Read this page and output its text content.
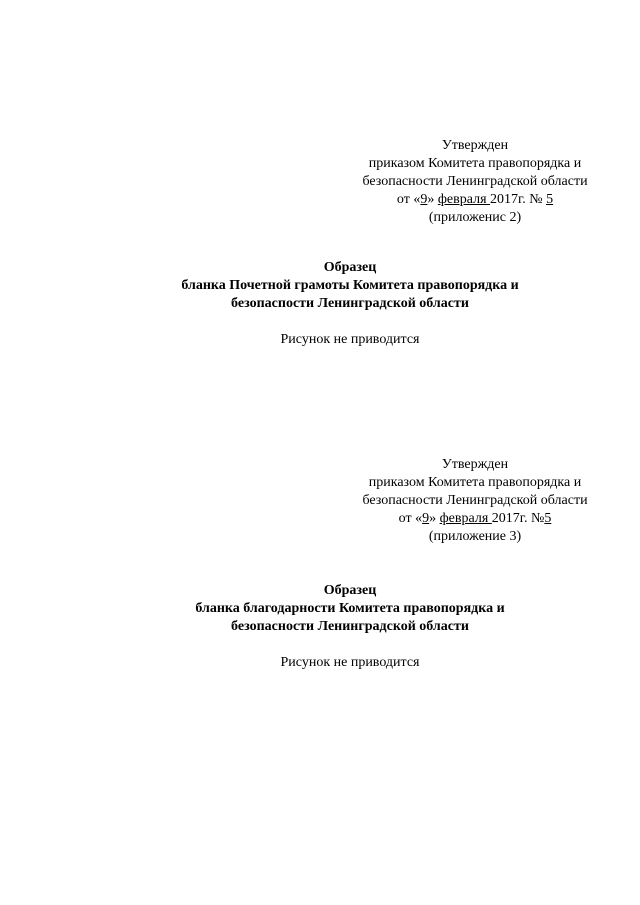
Утвержден
приказом Комитета правопорядка и
безопасности Ленинградской области
от «9» февраля 2017г. № 5
(приложенис 2)
Образец
бланка Почетной грамоты Комитета правопорядка и
безопаспости Ленинградской области
Рисунок не приводится
Утвержден
приказом Комитета правопорядка и
безопасности Ленинградской области
от «9» февраля 2017г. №5
(приложение 3)
Образец
бланка благодарности Комитета правопорядка и
безопасности Ленинградской области
Рисунок не приводится
